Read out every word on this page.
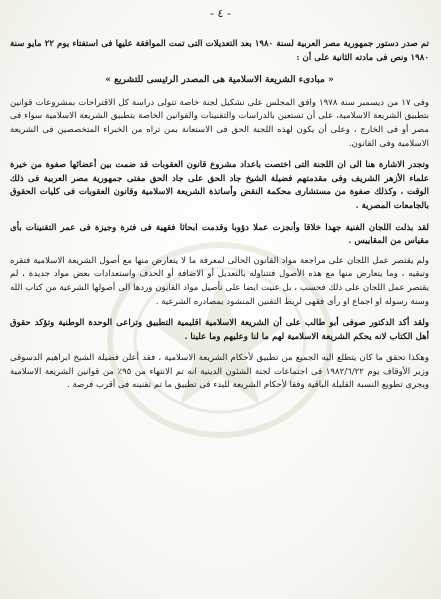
- ٤ -

تم صدر دستور جمهورية مصر العربية لسنة ١٩٨٠ بعد التعديلات التى تمت الموافقة عليها فى استفتاء يوم ٢٢ مايو سنة ١٩٨٠ ونص فى مادته الثانية على أن :

« مبادىء الشريعة الاسلامية هى المصدر الرئيسى للتشريع »

وفى ١٧ من ديسمبر سنة ١٩٧٨ وافق المجلس على تشكيل لجنة خاصة تتولى دراسة كل الاقتراحات بمشروعات قوانين بتطبيق الشريعة الاسلامية، على أن تستعين بالدراسات والتقنينات والقوانين الخاصة بتطبيق الشريعة الاسلامية سواء فى مصر أو فى الخارج ، وعلى أن يكون لهذه اللجنة الحق فى الاستعانة بمن تراه من الخبراء المتخصصين فى الشريعة الاسلامية وفى القانون.

وتجدر الاشارة هنا الى ان اللجنة التى اختصت باعداد مشروع قانون العقوبات قد ضمت بين أعضائها صفوة من خيرة علماء الأزهر الشريف وفى مقدمتهم فضيلة الشيخ جاد الحق على جاد الحق مفتى جمهورية مصر العربية فى ذلك الوقت ، وكذلك صفوة من مستشارى محكمة النقض وأساتذة الشريعة الاسلامية وقانون العقوبات فى كليات الحقوق بالجامعات المصرية .

لقد بذلت اللجان الفنية جهدا خلاقا وأنجزت عملا دؤوبا وقدمت ابحاثا فقهية فى فترة وجيزة فى عمر التقنينات بأى مقياس من المقاييس .

ولم يقتصر عمل اللجان على مراجعة مواد القانون الحالى لمعرفة ما لا يتعارض منها مع أصول الشريعة الاسلامية فتقره وتبقيه ، وما يتعارض منها مع هذه الأصول فتتناوله بالتعديل أو الاضافة أو الحذف واستعدادات بعض مواد جديدة ، لم يقتصر عمل اللجان على ذلك فحسب ، بل عنيت ايضا على تأصيل مواد القانون وردها الى أصولها الشرعية من كتاب الله وسنة رسوله او اجماع او رأى فقهى لربط التقنين المنشود بمصادره الشرعية .

ولقد أكد الدكتور صوفى أبو طالب على أن الشريعة الاسلامية اقليمية التطبيق وتراعى الوحدة الوطنية وتؤكد حقوق أهل الكتاب لانه يحكم الشريعة الاسلامية لهم ما لنا وعليهم وما علينا .

وهكذا تحقق ما كان يتطلع اليه الجميع من تطبيق لأحكام الشريعة الاسلامية ، فقد أعلن فضيلة الشيخ ابراهيم الدسوقى وزير الأوقاف يوم ١٩٨٢/٦/٢٢ فى اجتماعات لجنة الشئون الدينية انه تم الانتهاء من ٩٥٪ من قوانين الشريعة الاسلامية ويجرى تطويع النسبة القليلة الباقية وفقا لأحكام الشريعة للبدء فى تطبيق ما تم تقنينه فى أقرب فرصة .
